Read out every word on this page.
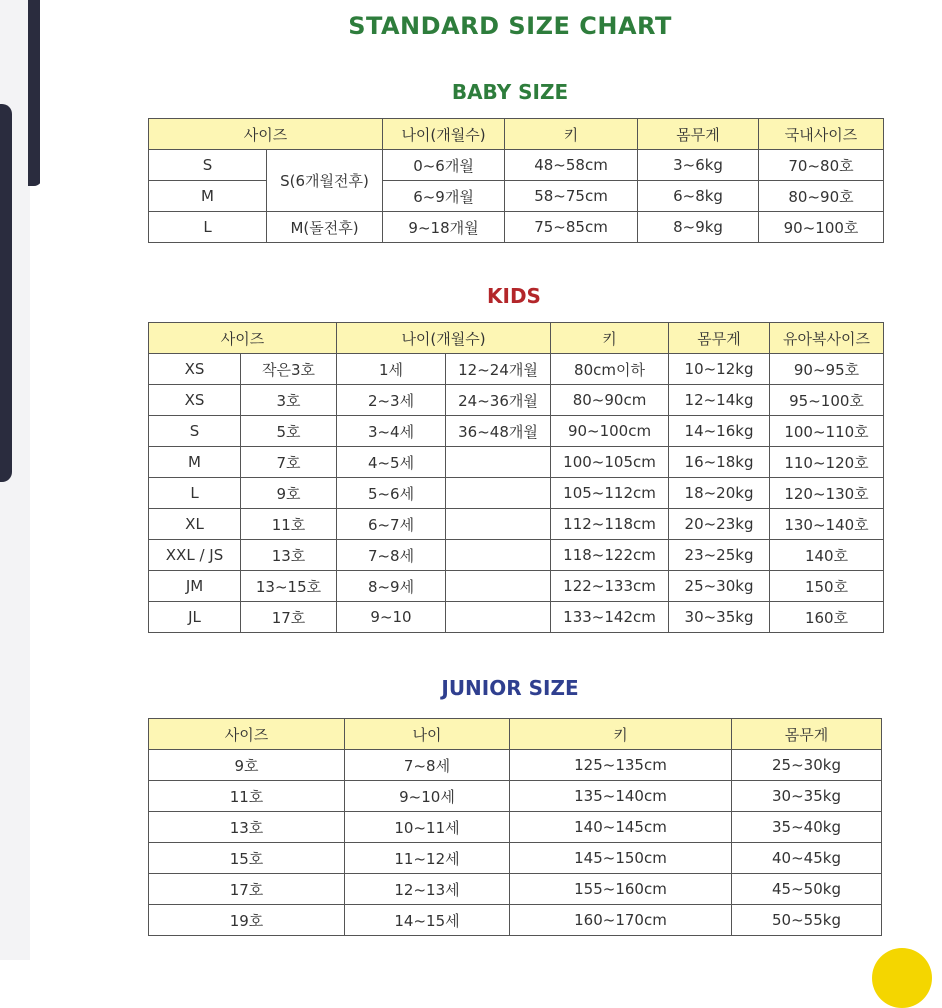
STANDARD SIZE CHART
BABY SIZE
사이즈		나이(개월수)	키	몸무게	국내사이즈
S	S(6개월전후)	0~6개월	48~58cm	3~6kg	70~80호
M		6~9개월	58~75cm	6~8kg	80~90호
L	M(돌전후)	9~18개월	75~85cm	8~9kg	90~100호
KIDS
사이즈		나이(개월수)		키	몸무게	유아복사이즈
XS	작은3호	1세	12~24개월	80cm이하	10~12kg	90~95호
XS	3호	2~3세	24~36개월	80~90cm	12~14kg	95~100호
S	5호	3~4세	36~48개월	90~100cm	14~16kg	100~110호
M	7호	4~5세		100~105cm	16~18kg	110~120호
L	9호	5~6세		105~112cm	18~20kg	120~130호
XL	11호	6~7세		112~118cm	20~23kg	130~140호
XXL / JS	13호	7~8세		118~122cm	23~25kg	140호
JM	13~15호	8~9세		122~133cm	25~30kg	150호
JL	17호	9~10		133~142cm	30~35kg	160호
JUNIOR SIZE
사이즈	나이	키	몸무게
9호	7~8세	125~135cm	25~30kg
11호	9~10세	135~140cm	30~35kg
13호	10~11세	140~145cm	35~40kg
15호	11~12세	145~150cm	40~45kg
17호	12~13세	155~160cm	45~50kg
19호	14~15세	160~170cm	50~55kg
